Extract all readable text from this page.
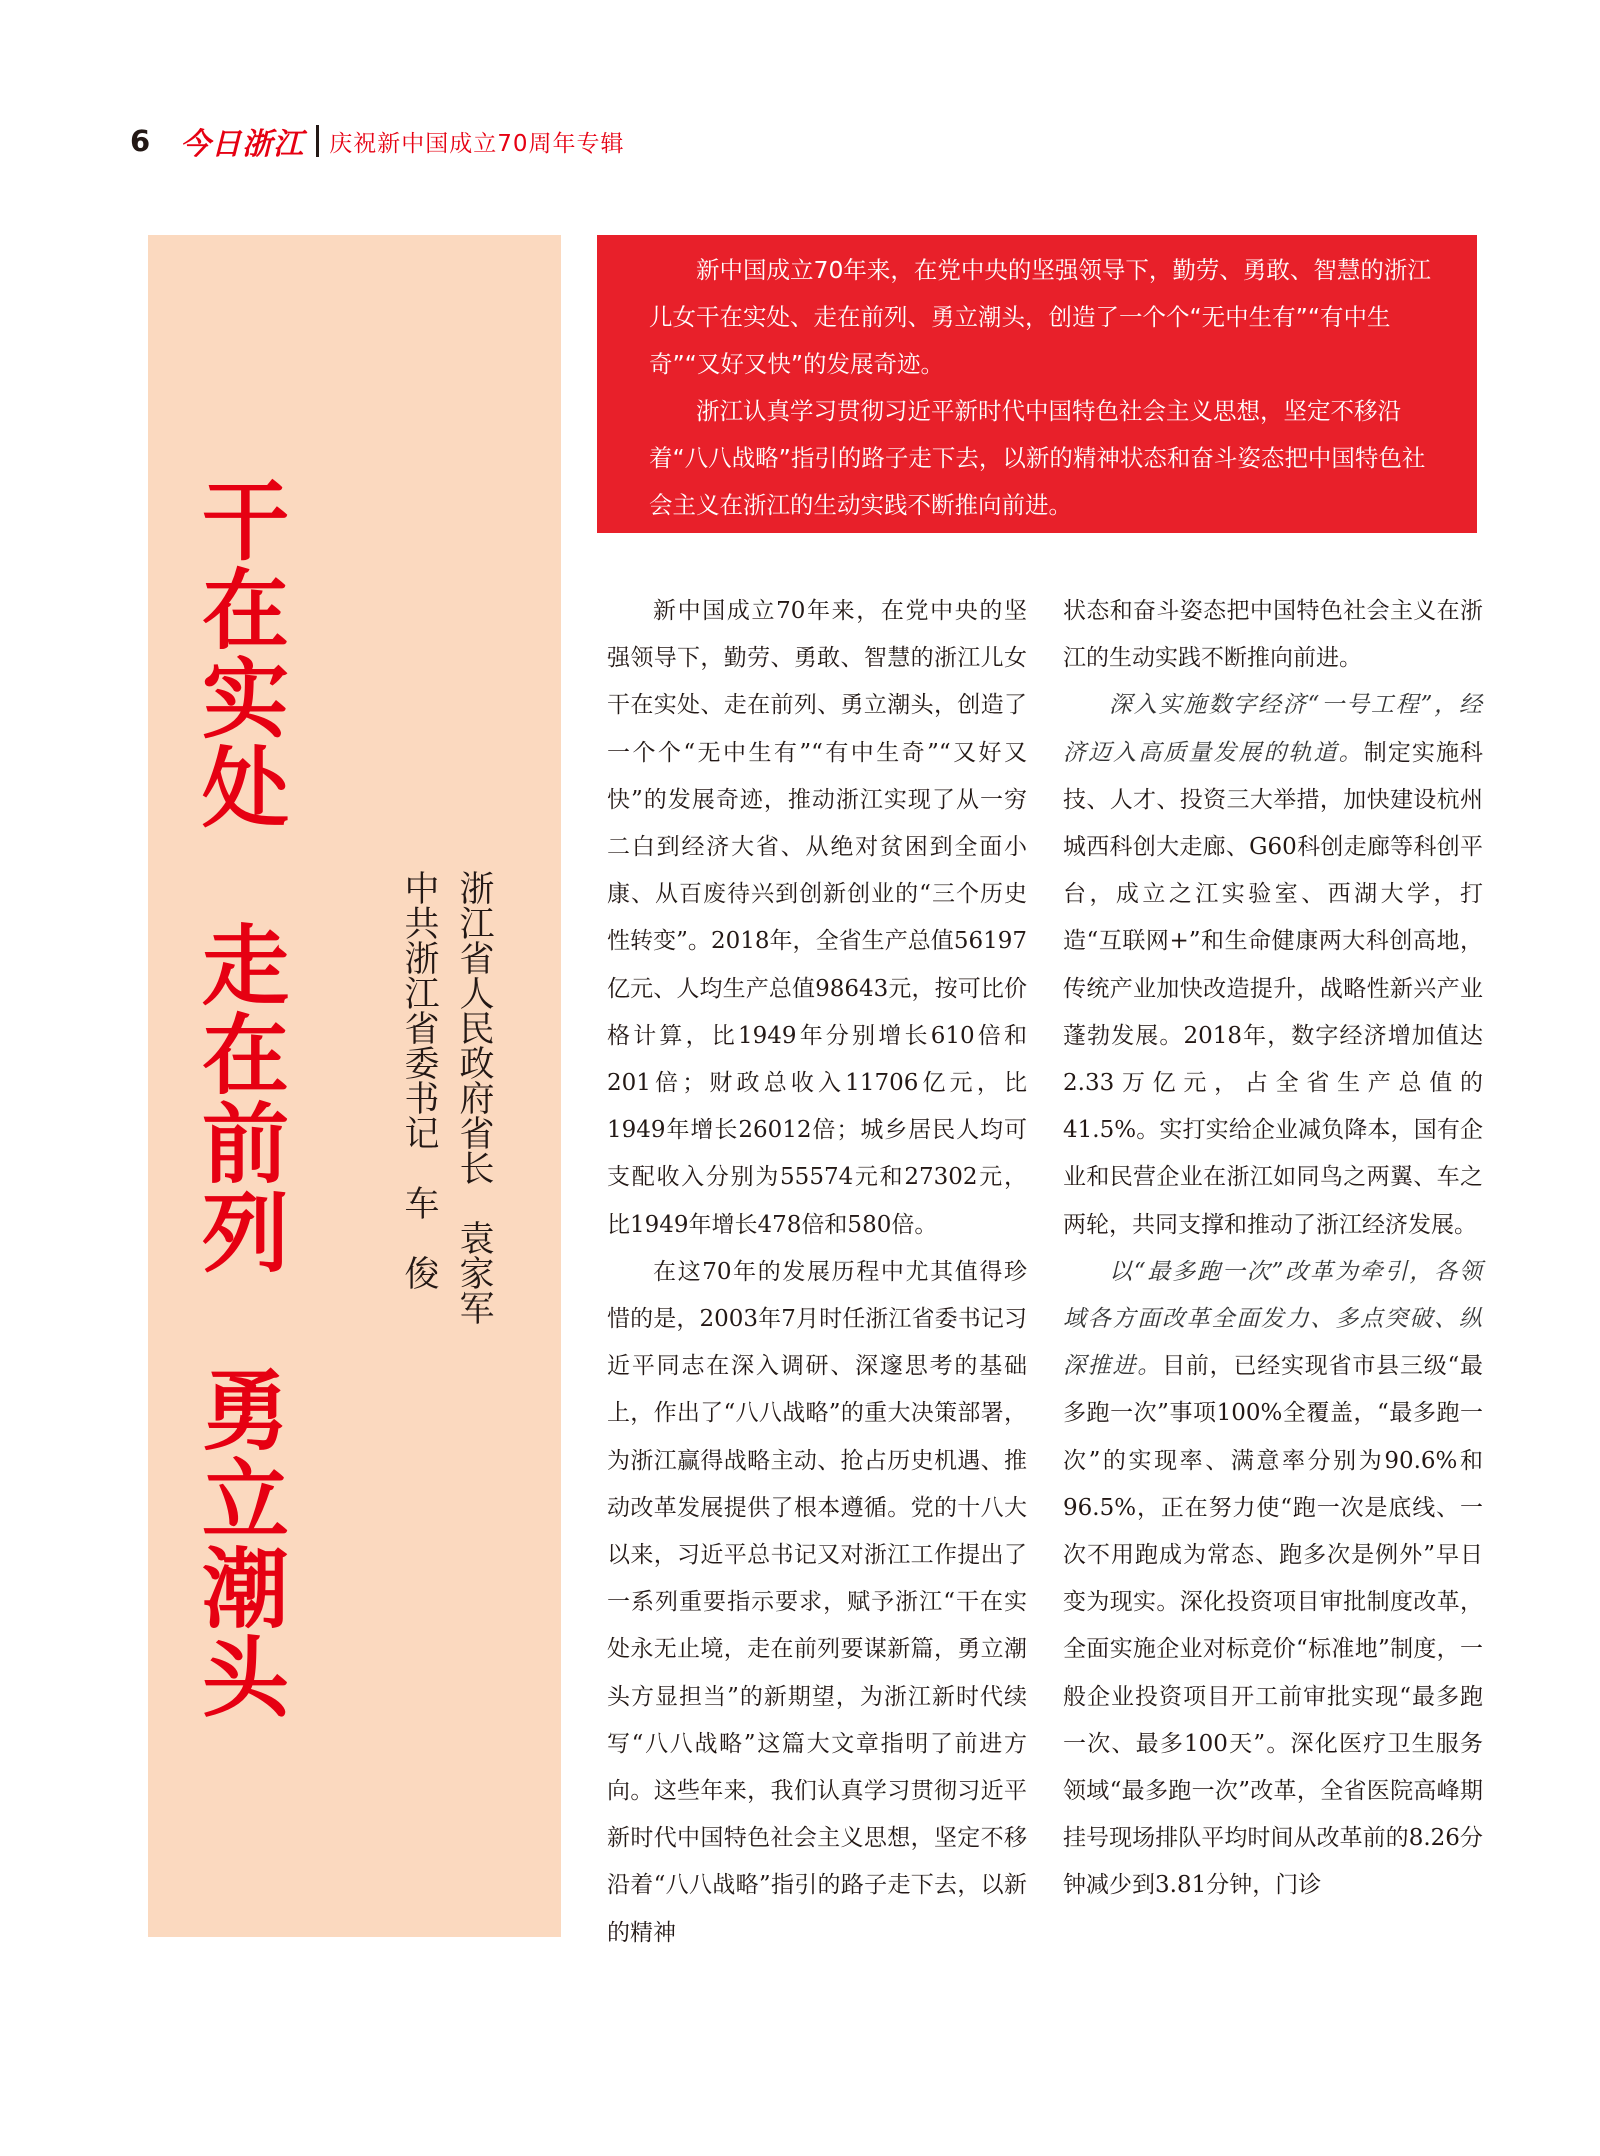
6 今日浙江 庆祝新中国成立70周年专辑
干在实处　走在前列　勇立潮头	浙江省人民政府省长　袁家军
中共浙江省委书记　车　俊

新中国成立70年来，在党中央的坚强领导下，勤劳、勇敢、智慧的浙江儿女干在实处、走在前列、勇立潮头，创造了一个个“无中生有”“有中生奇”“又好又快”的发展奇迹。

浙江认真学习贯彻习近平新时代中国特色社会主义思想，坚定不移沿着“八八战略”指引的路子走下去，以新的精神状态和奋斗姿态把中国特色社会主义在浙江的生动实践不断推向前进。

新中国成立70年来，在党中央的坚强领导下，勤劳、勇敢、智慧的浙江儿女干在实处、走在前列、勇立潮头，创造了一个个“无中生有”“有中生奇”“又好又快”的发展奇迹，推动浙江实现了从一穷二白到经济大省、从绝对贫困到全面小康、从百废待兴到创新创业的“三个历史性转变”。2018年，全省生产总值56197亿元、人均生产总值98643元，按可比价格计算，比1949年分别增长610倍和201倍；财政总收入11706亿元，比1949年增长26012倍；城乡居民人均可支配收入分别为55574元和27302元，比1949年增长478倍和580倍。

在这70年的发展历程中尤其值得珍惜的是，2003年7月时任浙江省委书记习近平同志在深入调研、深邃思考的基础上，作出了“八八战略”的重大决策部署，为浙江赢得战略主动、抢占历史机遇、推动改革发展提供了根本遵循。党的十八大以来，习近平总书记又对浙江工作提出了一系列重要指示要求，赋予浙江“干在实处永无止境，走在前列要谋新篇，勇立潮头方显担当”的新期望，为浙江新时代续写“八八战略”这篇大文章指明了前进方向。这些年来，我们认真学习贯彻习近平新时代中国特色社会主义思想，坚定不移沿着“八八战略”指引的路子走下去，以新的精神

状态和奋斗姿态把中国特色社会主义在浙江的生动实践不断推向前进。

深入实施数字经济“一号工程”，经济迈入高质量发展的轨道。制定实施科技、人才、投资三大举措，加快建设杭州城西科创大走廊、G60科创走廊等科创平台，成立之江实验室、西湖大学，打造“互联网+”和生命健康两大科创高地，传统产业加快改造提升，战略性新兴产业蓬勃发展。2018年，数字经济增加值达2.33万亿元，占全省生产总值的41.5%。实打实给企业减负降本，国有企业和民营企业在浙江如同鸟之两翼、车之两轮，共同支撑和推动了浙江经济发展。

以“最多跑一次”改革为牵引，各领域各方面改革全面发力、多点突破、纵深推进。目前，已经实现省市县三级“最多跑一次”事项100%全覆盖，“最多跑一次”的实现率、满意率分别为90.6%和96.5%，正在努力使“跑一次是底线、一次不用跑成为常态、跑多次是例外”早日变为现实。深化投资项目审批制度改革，全面实施企业对标竞价“标准地”制度，一般企业投资项目开工前审批实现“最多跑一次、最多100天”。深化医疗卫生服务领域“最多跑一次”改革，全省医院高峰期挂号现场排队平均时间从改革前的8.26分钟减少到3.81分钟，门诊
